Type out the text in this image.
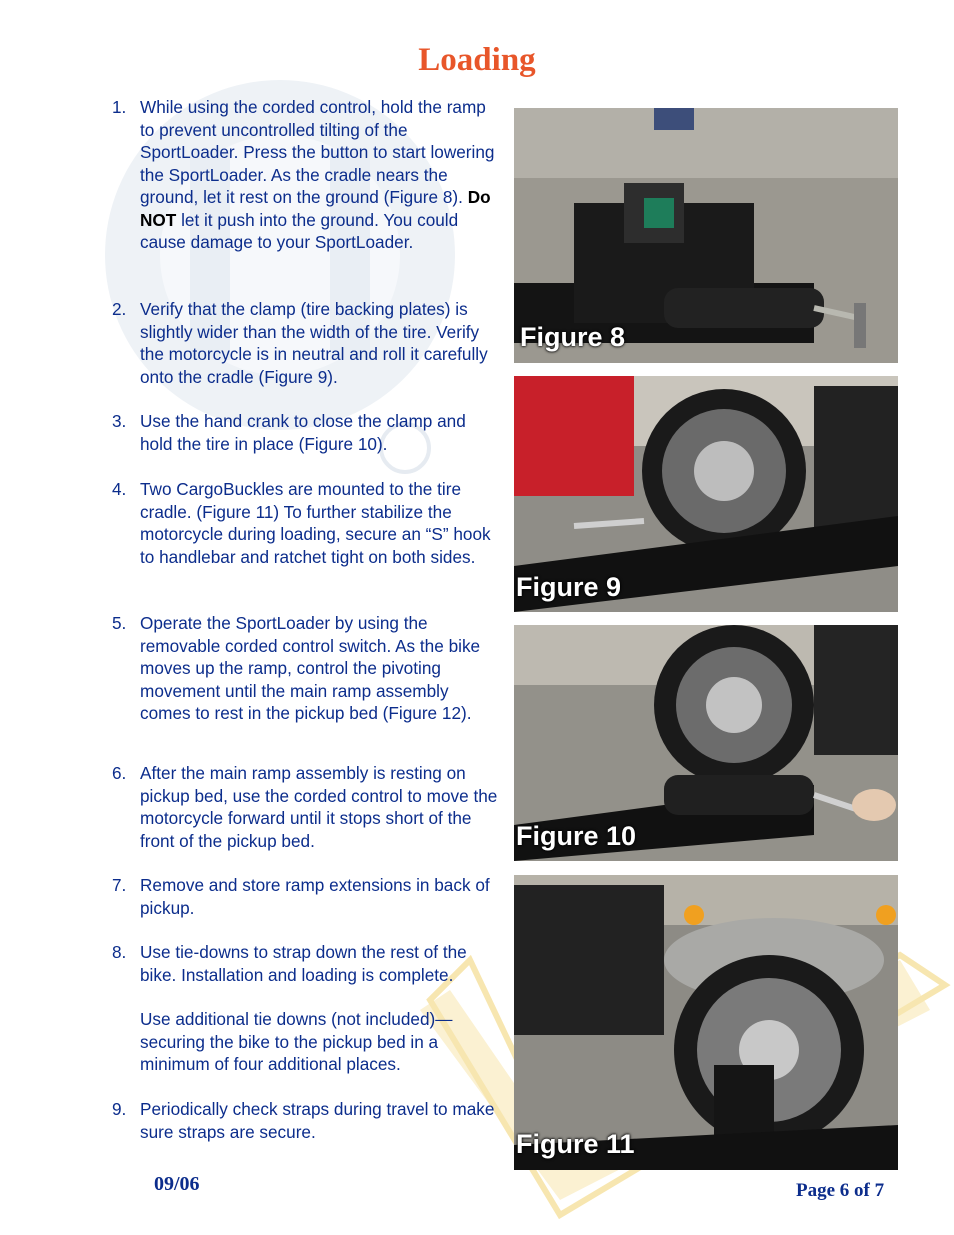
Loading
1. While using the corded control, hold the ramp to prevent uncontrolled tilting of the SportLoader. Press the button to start lowering the SportLoader. As the cradle nears the ground, let it rest on the ground (Figure 8). Do NOT let it push into the ground. You could cause damage to your SportLoader.
2. Verify that the clamp (tire backing plates) is slightly wider than the width of the tire. Verify the motorcycle is in neutral and roll it carefully onto the cradle (Figure 9).
3. Use the hand crank to close the clamp and hold the tire in place (Figure 10).
4. Two CargoBuckles are mounted to the tire cradle. (Figure 11) To further stabilize the motorcycle during loading, secure an “S” hook to handlebar and ratchet tight on both sides.
5. Operate the SportLoader by using the removable corded control switch. As the bike moves up the ramp, control the pivoting movement until the main ramp assembly comes to rest in the pickup bed (Figure 12).
6. After the main ramp assembly is resting on pickup bed, use the corded control to move the motorcycle forward until it stops short of the front of the pickup bed.
7. Remove and store ramp extensions in back of pickup.
8. Use tie-downs to strap down the rest of the bike. Installation and loading is complete.
Use additional tie downs (not included)—securing the bike to the pickup bed in a minimum of four additional places.
9. Periodically check straps during travel to make sure straps are secure.
Figure 8
Figure 9
Figure 10
Figure 11
09/06	Page 6 of 7
